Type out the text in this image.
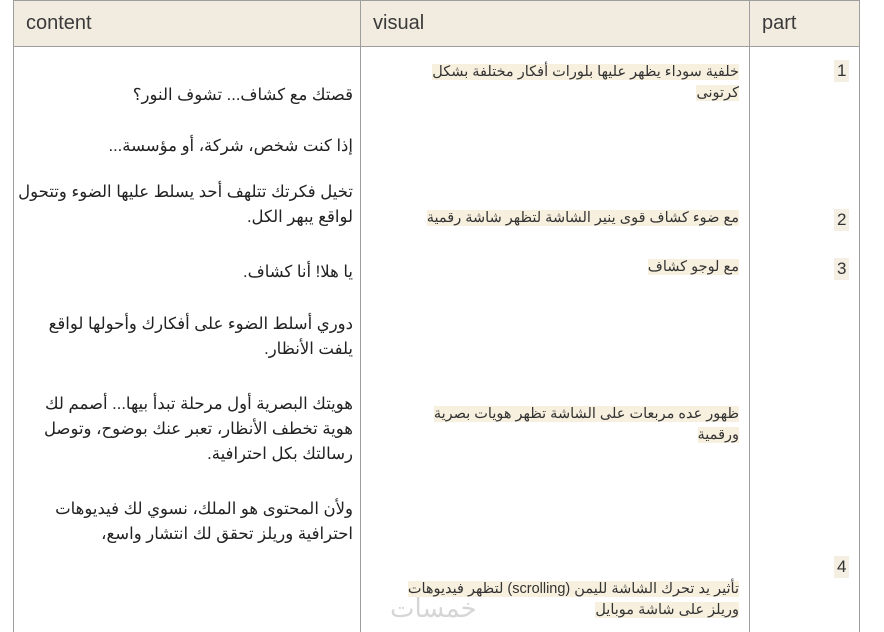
content	visual	part
قصتك مع كشاف... تشوف النور؟
إذا كنت شخص، شركة، أو مؤسسة...
تخيل فكرتك تتلهف أحد يسلط عليها الضوء وتتحول لواقع يبهر الكل.
يا هلا! أنا كشاف.
دوري أسلط الضوء على أفكارك وأحولها لواقع يلفت الأنظار.
هويتك البصرية أول مرحلة تبدأ بيها... أصمم لك هوية تخطف الأنظار، تعبر عنك بوضوح، وتوصل رسالتك بكل احترافية.
ولأن المحتوى هو الملك، نسوي لك فيديوهات احترافية وريلز تحقق لك انتشار واسع،
خلفية سوداء يظهر عليها بلورات أفكار مختلفة بشكل كرتونى
مع ضوء كشاف قوى ينير الشاشة لتظهر شاشة رقمية
مع لوجو كشاف
ظهور عده مربعات على الشاشة تظهر هويات بصرية ورقمية
تأثير يد تحرك الشاشة لليمن (scrolling) لتظهر فيديوهات وريلز على شاشة موبايل
1
2
3
4
خمسات
